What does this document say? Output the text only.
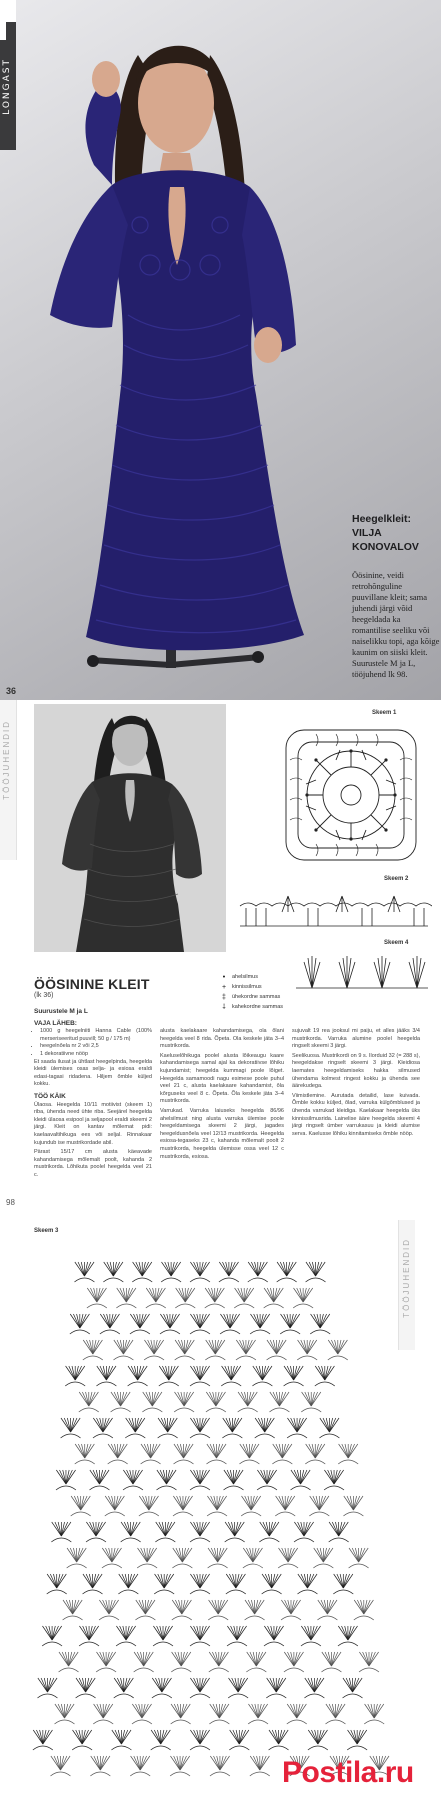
LONGAST
Heegelkleit: VILJA
KONOVALOV
Öösinine, veidi retrohõnguline puuvillane kleit; sama juhendi järgi võid heegeldada ka romantilise seeliku või naiselikku topi, aga kõige kaunim on siiski kleit. Suurustele M ja L, tööjuhend lk 98.
36
TÖÖJUHENDID
Skeem 1
Skeem 2
Skeem 4
•	ahelsilmus
+	kinnissilmus
‡	ühekordne sammas
⸸	kahekordne sammas
ÖÖSININE KLEIT
(lk 36)
Suurustele M ja L
VAJA LÄHEB:
• 1000 g heegelniiti Hanna Cable (100% merseriseeritud puuvill; 50 g / 175 m)
• heegelnõela nr 2 või 2,5
• 1 dekoratiivne nööp

Et saada ilusat ja ühtlast heegelpinda, heegelda kleidi ülemises osas selja- ja esiosa eraldi edasi-tagasi ridadena. Hiljem õmble küljed kokku.

TÖÖ KÄIK

Ülaosa. Heegelda 10/11 motiivist (skeem 1) riba, ühenda need ühte riba. Seejärel heegelda kleidi ülaosa esipool ja seljapool eraldi skeemi 2 järgi. Kleit on kantav mõlemat pidi: kaelaavaltihikuga ees või seljal. Rinnakaar kujundub ise mustrikordade abil.

Pärast 15/17 cm alusta käeavade kahandamisega mõlemalt poolt, kahanda 2 mustrikorda. Lõhikuta poolel heegelda veel 21 c.

alusta kaelakaare kahandamisega, ola õlani heegelda veel 8 rida. Õpeta. Ola keskele jäta 3–4 mustrikorda.

Kaeluselõhikuga poolel alusta lõikeaugu kaare kahandamisega samal ajal ka dekoratiivse lõhiku kujundamist; heegelda kummagi poole lõiget. Heegelda samamoodi nagu esimese poole puhul veel 21 c, alusta kaelakaare kahandamist, õla kõrguseks veel 8 c. Õpeta. Õla keskele jäta 3–4 mustrikorda.

Varrukad. Varruka laiuseks heegelda 86/96 ahelsilmust ning alusta varruka ülemise poole heegeldamisega skeemi 2 järgi, jagades heegeldusnõela veel 12/13 mustrikorda. Heegelda esiosa-tegaseks 23 c, kahanda mõlemalt poolt 2 mustrikorda, heegelda ülemisse ossa veel 12 c mustrikorda, esiosa.

sujuvalt 19 rea jooksul mi paiju, et alles jääks 3/4 mustrikorda. Varruka alumine poolel heegelda ringselt skeemi 3 järgi.

Seelikuosa. Mustrikordi on 9 s. Ilorduid 32 (= 288 s), heegeldakse ringselt skeemi 3 järgi. Kleidiosa laemates heegeldamiseks hakka silmused ühendama kolmest ringest kokku ja ühenda see äärekudega.

Viimistlemine. Aurutada detailid, lase kuivada. Õmble kokku küljed, õlad, varruka külgõmblused ja ühenda varrukad kleidiga. Kaelakaar heegelda üks kinnissilmusrida. Lainelise ääre heegelda skeemi 4 järgi ringselt ümber varrukasuu ja kleidi alumise serva. Kaelusse lõhiku kinnitamiseks õmble nööp.

98
TÖÖJUHENDID
Skeem 3
Postila.ru
